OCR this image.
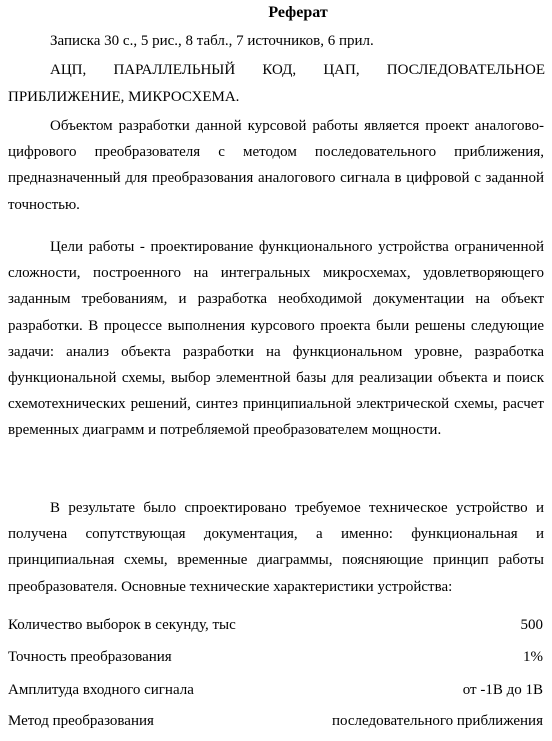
Реферат
Записка 30 с., 5 рис., 8 табл., 7 источников, 6 прил.
АЦП, ПАРАЛЛЕЛЬНЫЙ КОД, ЦАП, ПОСЛЕДОВАТЕЛЬНОЕ
ПРИБЛИЖЕНИЕ, МИКРОСХЕМА.

Объектом разработки данной курсовой работы является проект аналогово-цифрового преобразователя с методом последовательного приближения, предназначенный для преобразования аналогового сигнала в цифровой с заданной точностью.

Цели работы - проектирование функционального устройства ограниченной сложности, построенного на интегральных микросхемах, удовлетворяющего заданным требованиям, и разработка необходимой документации на объект разработки. В процессе выполнения курсового проекта были решены следующие задачи: анализ объекта разработки на функциональном уровне, разработка функциональной схемы, выбор элементной базы для реализации объекта и поиск схемотехнических решений, синтез принципиальной электрической схемы, расчет временных диаграмм и потребляемой преобразователем мощности.

В результате было спроектировано требуемое техническое устройство и получена сопутствующая документация, а именно: функциональная и принципиальная схемы, временные диаграммы, поясняющие принцип работы преобразователя. Основные технические характеристики устройства:

Количество выборок в секунду, тыс	500
Точность преобразования	1%
Амплитуда входного сигнала	от -1В до 1В
Метод преобразования	последовательного приближения
